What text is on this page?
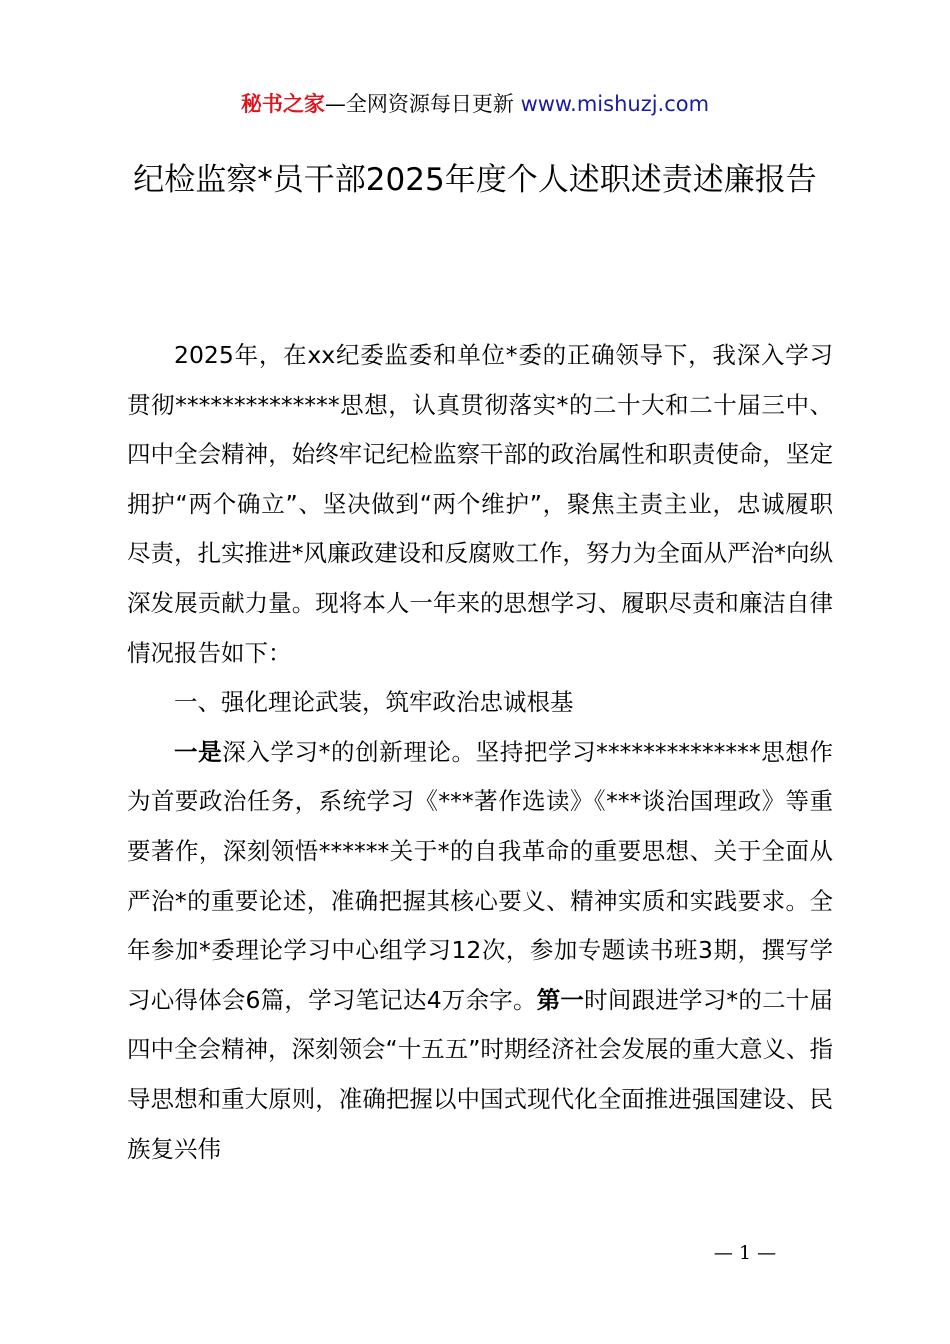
秘书之家—全网资源每日更新 www.mishuzj.com
纪检监察*员干部2025年度个人述职述责述廉报告

2025年，在xx纪委监委和单位*委的正确领导下，我深入学习贯彻**************思想，认真贯彻落实*的二十大和二十届三中、四中全会精神，始终牢记纪检监察干部的政治属性和职责使命，坚定拥护“两个确立”、坚决做到“两个维护”，聚焦主责主业，忠诚履职尽责，扎实推进*风廉政建设和反腐败工作，努力为全面从严治*向纵深发展贡献力量。现将本人一年来的思想学习、履职尽责和廉洁自律情况报告如下：

一、强化理论武装，筑牢政治忠诚根基

一是深入学习*的创新理论。坚持把学习**************思想作为首要政治任务，系统学习《***著作选读》《***谈治国理政》等重要著作，深刻领悟******关于*的自我革命的重要思想、关于全面从严治*的重要论述，准确把握其核心要义、精神实质和实践要求。全年参加*委理论学习中心组学习12次，参加专题读书班3期，撰写学习心得体会6篇，学习笔记达4万余字。第一时间跟进学习*的二十届四中全会精神，深刻领会“十五五”时期经济社会发展的重大意义、指导思想和重大原则，准确把握以中国式现代化全面推进强国建设、民族复兴伟

— 1 —
